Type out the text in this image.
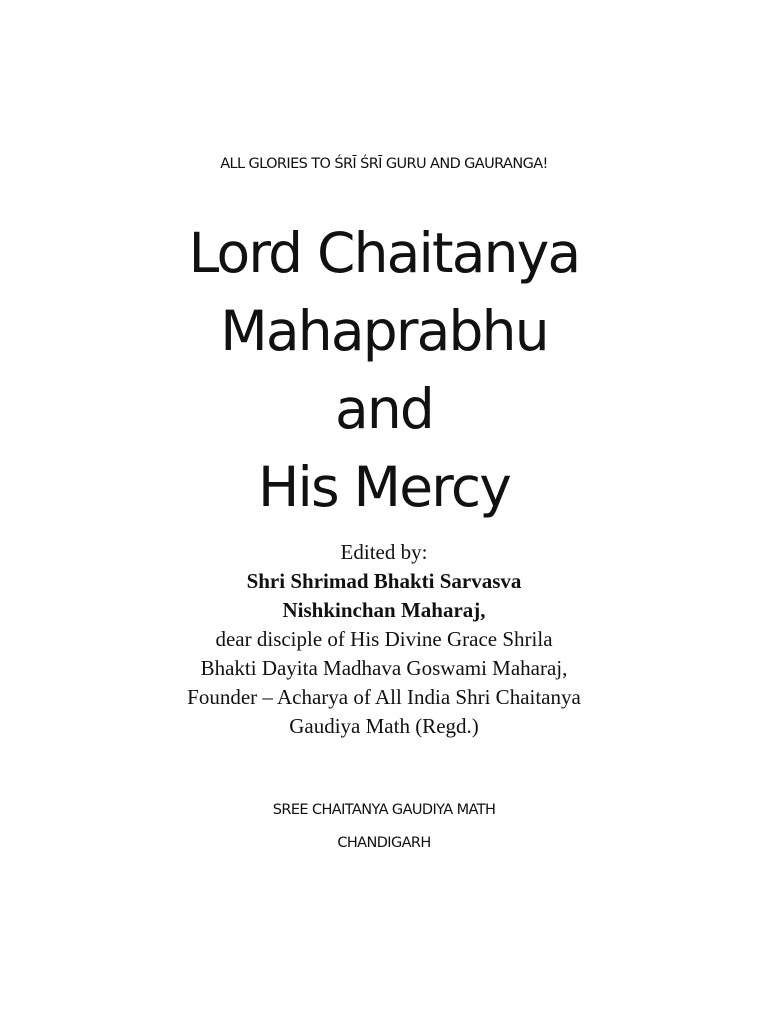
ALL GLORIES TO ŚRĪ ŚRĪ GURU AND GAURANGA!
Lord Chaitanya
Mahaprabhu
and
His Mercy
Edited by:
Shri Shrimad Bhakti Sarvasva
Nishkinchan Maharaj,
dear disciple of His Divine Grace Shrila
Bhakti Dayita Madhava Goswami Maharaj,
Founder – Acharya of All India Shri Chaitanya
Gaudiya Math (Regd.)
SREE CHAITANYA GAUDIYA MATH
CHANDIGARH
